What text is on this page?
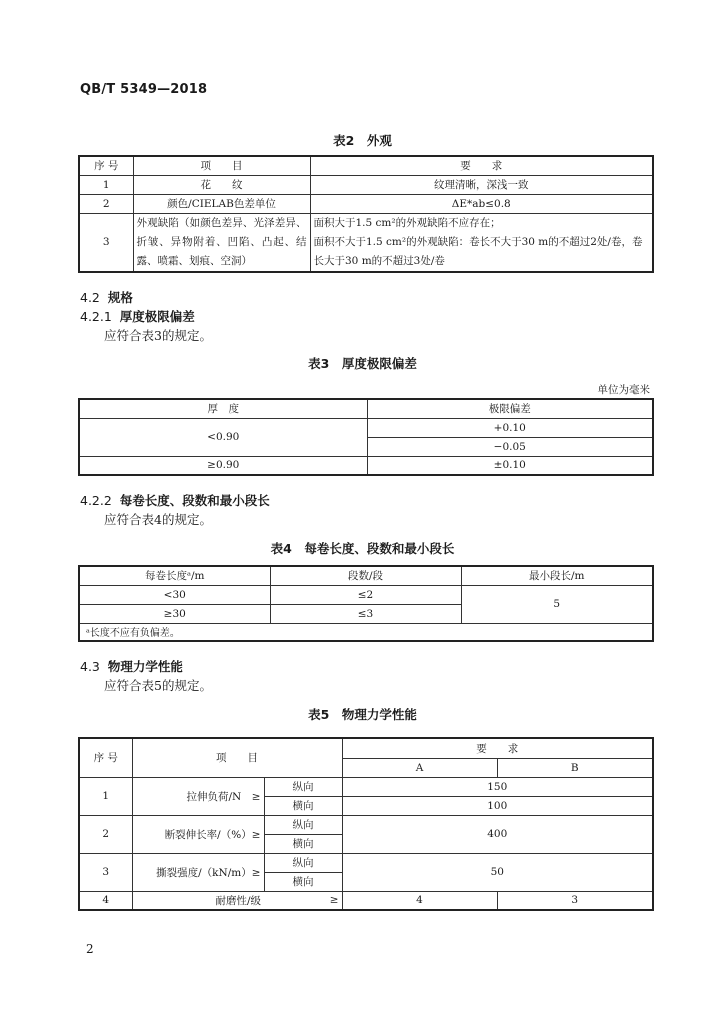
QB/T 5349—2018
表2　外观
序 号	项　　目	要　　求
1	花　　纹	纹理清晰，深浅一致
2	颜色/CIELAB色差单位	ΔE*ab≤0.8
3	外观缺陷（如颜色差异、光泽差异、折皱、异物附着、凹陷、凸起、结露、喷霜、划痕、空洞）	面积大于1.5 cm²的外观缺陷不应存在；
面积不大于1.5 cm²的外观缺陷：卷长不大于30 m的不超过2处/卷，卷长大于30 m的不超过3处/卷
4.2 规格
4.2.1 厚度极限偏差
应符合表3的规定。
表3　厚度极限偏差
单位为毫米
厚　度	极限偏差
<0.90	+0.10
	−0.05
≥0.90	±0.10
4.2.2 每卷长度、段数和最小段长
应符合表4的规定。
表4　每卷长度、段数和最小段长
每卷长度ᵃ/m	段数/段	最小段长/m
<30	≤2	5
≥30	≤3	
ᵃ长度不应有负偏差。		
4.3 物理力学性能
应符合表5的规定。
表5　物理力学性能
序 号	项　　目		要　　求	
			A	B
1	拉伸负荷/N　≥	纵向	150	
		横向	100	
2	断裂伸长率/（%）≥	纵向	400	
		横向		
3	撕裂强度/（kN/m）≥	纵向	50	
		横向		
4	耐磨性/级	≥	4	3
2
